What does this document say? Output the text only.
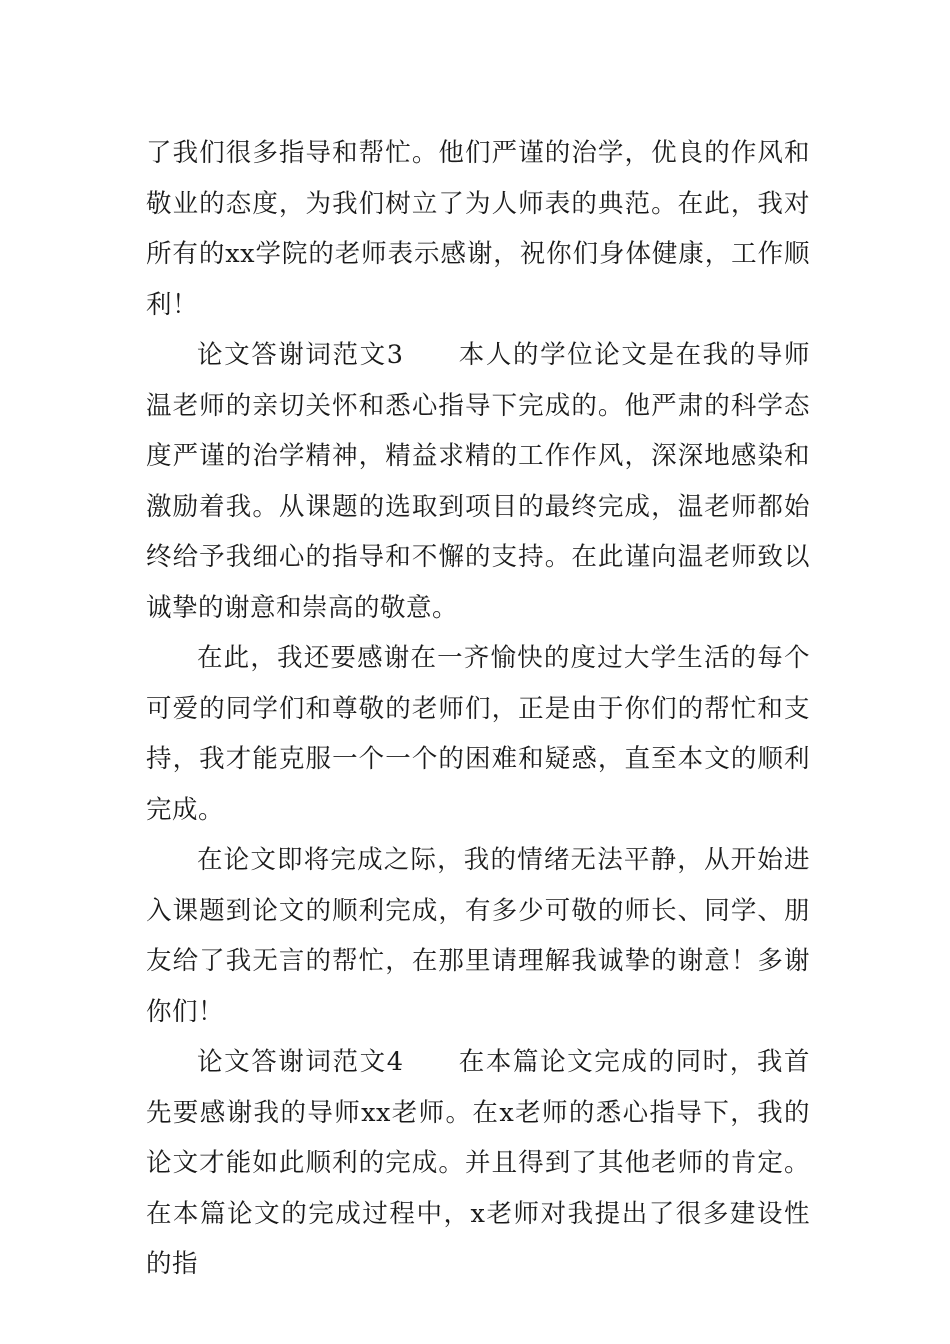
了我们很多指导和帮忙。他们严谨的治学，优良的作风和敬业的态度，为我们树立了为人师表的典范。在此，我对所有的xx学院的老师表示感谢，祝你们身体健康，工作顺利！

论文答谢词范文3　　本人的学位论文是在我的导师温老师的亲切关怀和悉心指导下完成的。他严肃的科学态度严谨的治学精神，精益求精的工作作风，深深地感染和激励着我。从课题的选取到项目的最终完成，温老师都始终给予我细心的指导和不懈的支持。在此谨向温老师致以诚挚的谢意和崇高的敬意。

在此，我还要感谢在一齐愉快的度过大学生活的每个可爱的同学们和尊敬的老师们，正是由于你们的帮忙和支持，我才能克服一个一个的困难和疑惑，直至本文的顺利完成。

在论文即将完成之际，我的情绪无法平静，从开始进入课题到论文的顺利完成，有多少可敬的师长、同学、朋友给了我无言的帮忙，在那里请理解我诚挚的谢意！多谢你们！

论文答谢词范文4　　在本篇论文完成的同时，我首先要感谢我的导师xx老师。在x老师的悉心指导下，我的论文才能如此顺利的完成。并且得到了其他老师的肯定。在本篇论文的完成过程中，x老师对我提出了很多建设性的指
